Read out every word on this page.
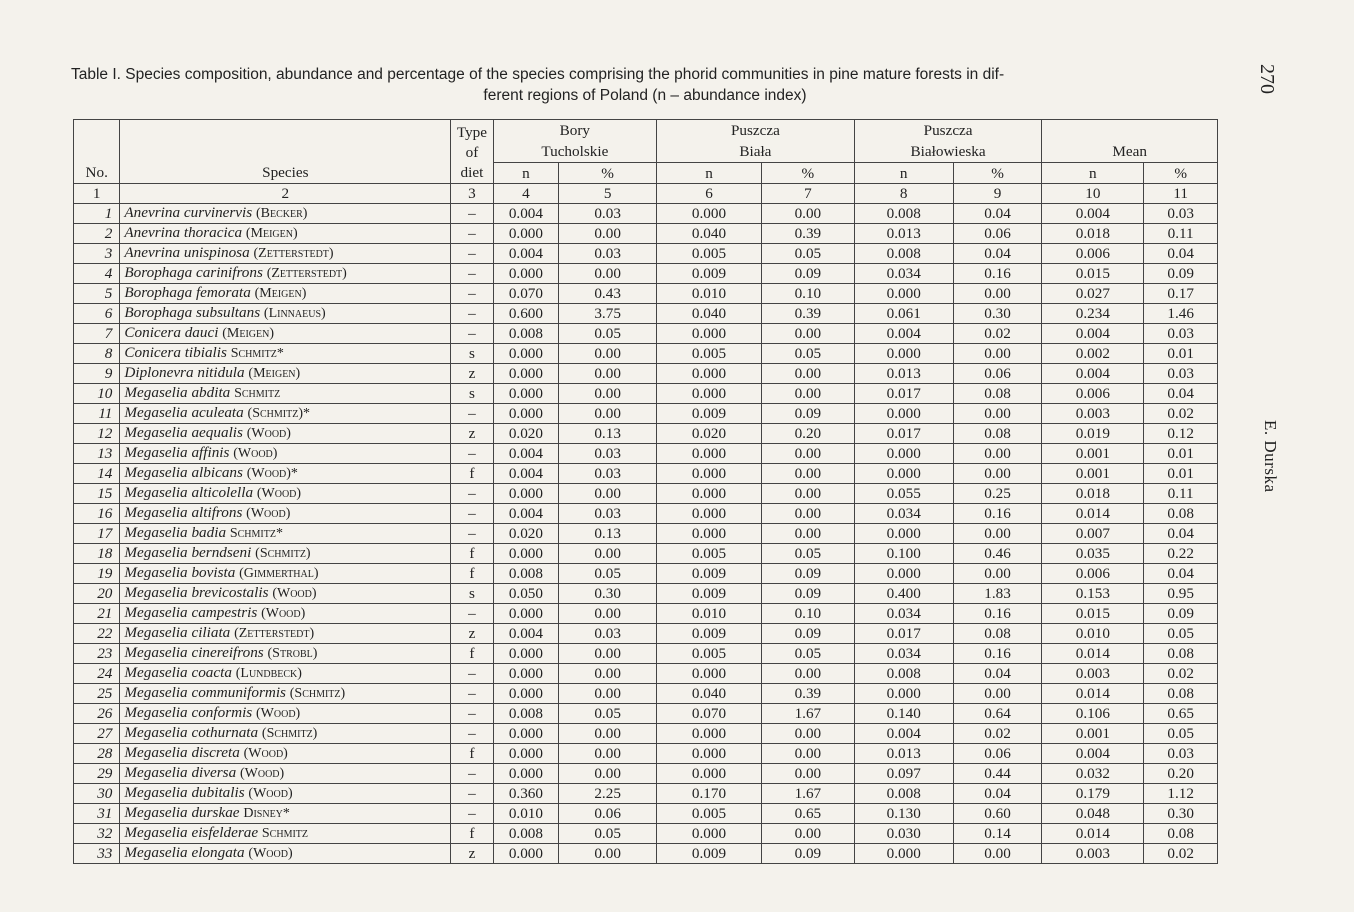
Table I. Species composition, abundance and percentage of the species comprising the phorid communities in pine mature forests in dif-
ferent regions of Poland (n – abundance index)
270
E. Durska
No.	Species	Type
of
diet	Bory
Tucholskie		Puszcza
Biała		Puszcza
Białowieska		Mean	
			n	%	n	%	n	%	n	%
1	2	3	4	5	6	7	8	9	10	11
1	Anevrina curvinervis (Becker)	–	0.004	0.03	0.000	0.00	0.008	0.04	0.004	0.03
2	Anevrina thoracica (Meigen)	–	0.000	0.00	0.040	0.39	0.013	0.06	0.018	0.11
3	Anevrina unispinosa (Zetterstedt)	–	0.004	0.03	0.005	0.05	0.008	0.04	0.006	0.04
4	Borophaga carinifrons (Zetterstedt)	–	0.000	0.00	0.009	0.09	0.034	0.16	0.015	0.09
5	Borophaga femorata (Meigen)	–	0.070	0.43	0.010	0.10	0.000	0.00	0.027	0.17
6	Borophaga subsultans (Linnaeus)	–	0.600	3.75	0.040	0.39	0.061	0.30	0.234	1.46
7	Conicera dauci (Meigen)	–	0.008	0.05	0.000	0.00	0.004	0.02	0.004	0.03
8	Conicera tibialis Schmitz*	s	0.000	0.00	0.005	0.05	0.000	0.00	0.002	0.01
9	Diplonevra nitidula (Meigen)	z	0.000	0.00	0.000	0.00	0.013	0.06	0.004	0.03
10	Megaselia abdita Schmitz	s	0.000	0.00	0.000	0.00	0.017	0.08	0.006	0.04
11	Megaselia aculeata (Schmitz)*	–	0.000	0.00	0.009	0.09	0.000	0.00	0.003	0.02
12	Megaselia aequalis (Wood)	z	0.020	0.13	0.020	0.20	0.017	0.08	0.019	0.12
13	Megaselia affinis (Wood)	–	0.004	0.03	0.000	0.00	0.000	0.00	0.001	0.01
14	Megaselia albicans (Wood)*	f	0.004	0.03	0.000	0.00	0.000	0.00	0.001	0.01
15	Megaselia alticolella (Wood)	–	0.000	0.00	0.000	0.00	0.055	0.25	0.018	0.11
16	Megaselia altifrons (Wood)	–	0.004	0.03	0.000	0.00	0.034	0.16	0.014	0.08
17	Megaselia badia Schmitz*	–	0.020	0.13	0.000	0.00	0.000	0.00	0.007	0.04
18	Megaselia berndseni (Schmitz)	f	0.000	0.00	0.005	0.05	0.100	0.46	0.035	0.22
19	Megaselia bovista (Gimmerthal)	f	0.008	0.05	0.009	0.09	0.000	0.00	0.006	0.04
20	Megaselia brevicostalis (Wood)	s	0.050	0.30	0.009	0.09	0.400	1.83	0.153	0.95
21	Megaselia campestris (Wood)	–	0.000	0.00	0.010	0.10	0.034	0.16	0.015	0.09
22	Megaselia ciliata (Zetterstedt)	z	0.004	0.03	0.009	0.09	0.017	0.08	0.010	0.05
23	Megaselia cinereifrons (Strobl)	f	0.000	0.00	0.005	0.05	0.034	0.16	0.014	0.08
24	Megaselia coacta (Lundbeck)	–	0.000	0.00	0.000	0.00	0.008	0.04	0.003	0.02
25	Megaselia communiformis (Schmitz)	–	0.000	0.00	0.040	0.39	0.000	0.00	0.014	0.08
26	Megaselia conformis (Wood)	–	0.008	0.05	0.070	1.67	0.140	0.64	0.106	0.65
27	Megaselia cothurnata (Schmitz)	–	0.000	0.00	0.000	0.00	0.004	0.02	0.001	0.05
28	Megaselia discreta (Wood)	f	0.000	0.00	0.000	0.00	0.013	0.06	0.004	0.03
29	Megaselia diversa (Wood)	–	0.000	0.00	0.000	0.00	0.097	0.44	0.032	0.20
30	Megaselia dubitalis (Wood)	–	0.360	2.25	0.170	1.67	0.008	0.04	0.179	1.12
31	Megaselia durskae Disney*	–	0.010	0.06	0.005	0.65	0.130	0.60	0.048	0.30
32	Megaselia eisfelderae Schmitz	f	0.008	0.05	0.000	0.00	0.030	0.14	0.014	0.08
33	Megaselia elongata (Wood)	z	0.000	0.00	0.009	0.09	0.000	0.00	0.003	0.02
